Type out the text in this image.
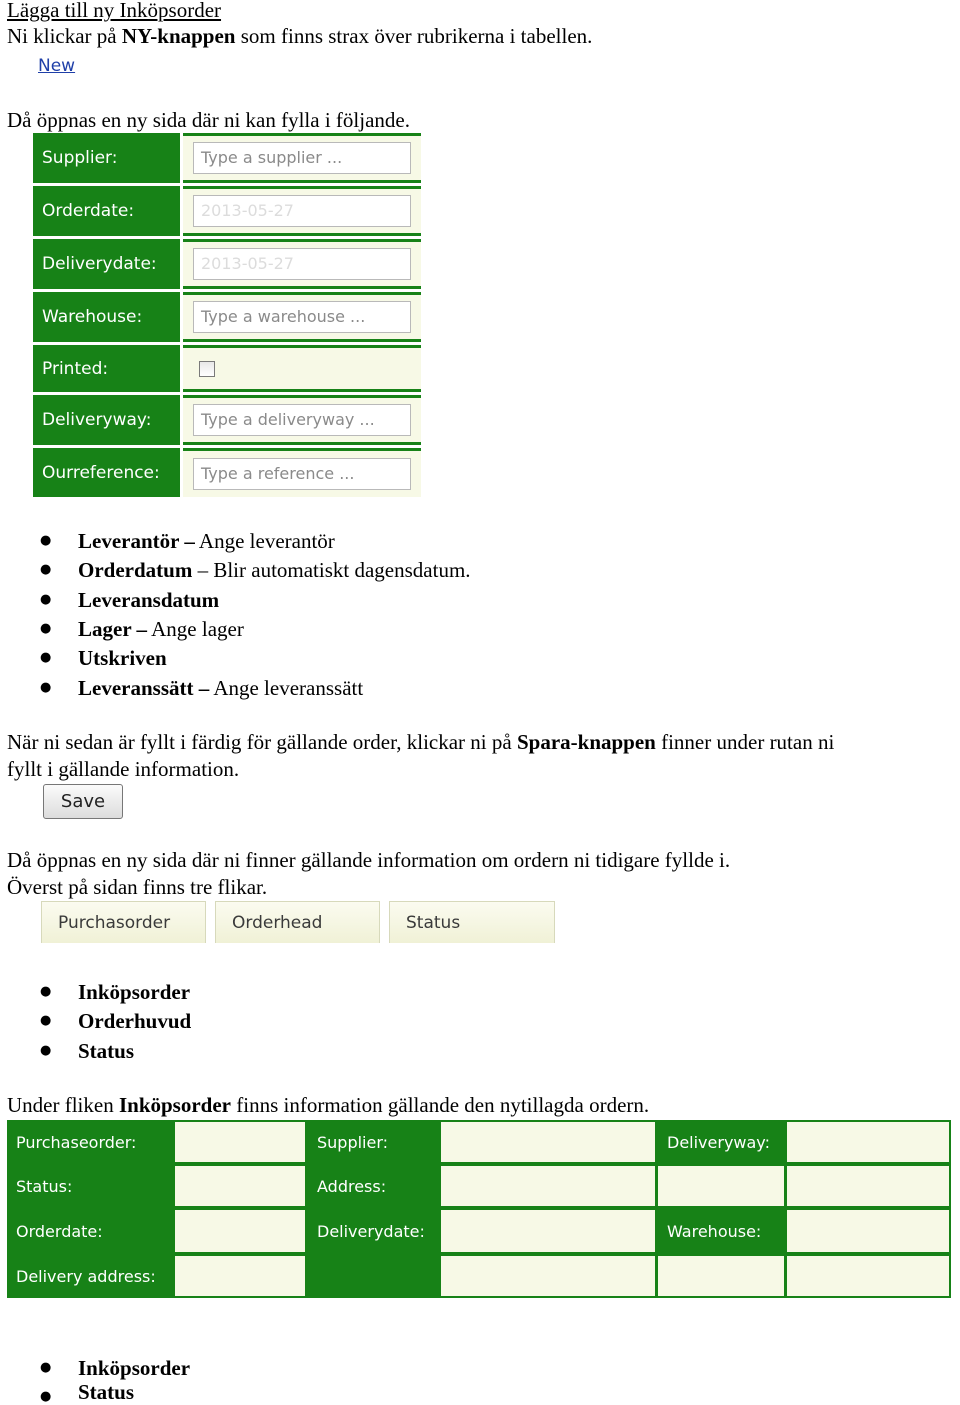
Lägga till ny Inköpsorder
Ni klickar på NY-knappen som finns strax över rubrikerna i tabellen.
New
Då öppnas en ny sida där ni kan fylla i följande.
Supplier:	Type a supplier ...
Orderdate:	2013-05-27
Deliverydate:	2013-05-27
Warehouse:	Type a warehouse ...
Printed:
Deliveryway:	Type a deliveryway ...
Ourreference:	Type a reference ...
● Leverantör – Ange leverantör
● Orderdatum – Blir automatiskt dagensdatum.
● Leveransdatum
● Lager – Ange lager
● Utskriven
● Leveranssätt – Ange leveranssätt
När ni sedan är fyllt i färdig för gällande order, klickar ni på Spara-knappen finner under rutan ni
fyllt i gällande information.
Save
Då öppnas en ny sida där ni finner gällande information om ordern ni tidigare fyllde i.
Överst på sidan finns tre flikar.
Purchasorder	Orderhead	Status
● Inköpsorder
● Orderhuvud
● Status
Under fliken Inköpsorder finns information gällande den nytillagda ordern.
Purchaseorder:	Supplier:	Deliveryway:
Status:	Address:
Orderdate:	Deliverydate:	Warehouse:
Delivery address:
● Inköpsorder
● Status
